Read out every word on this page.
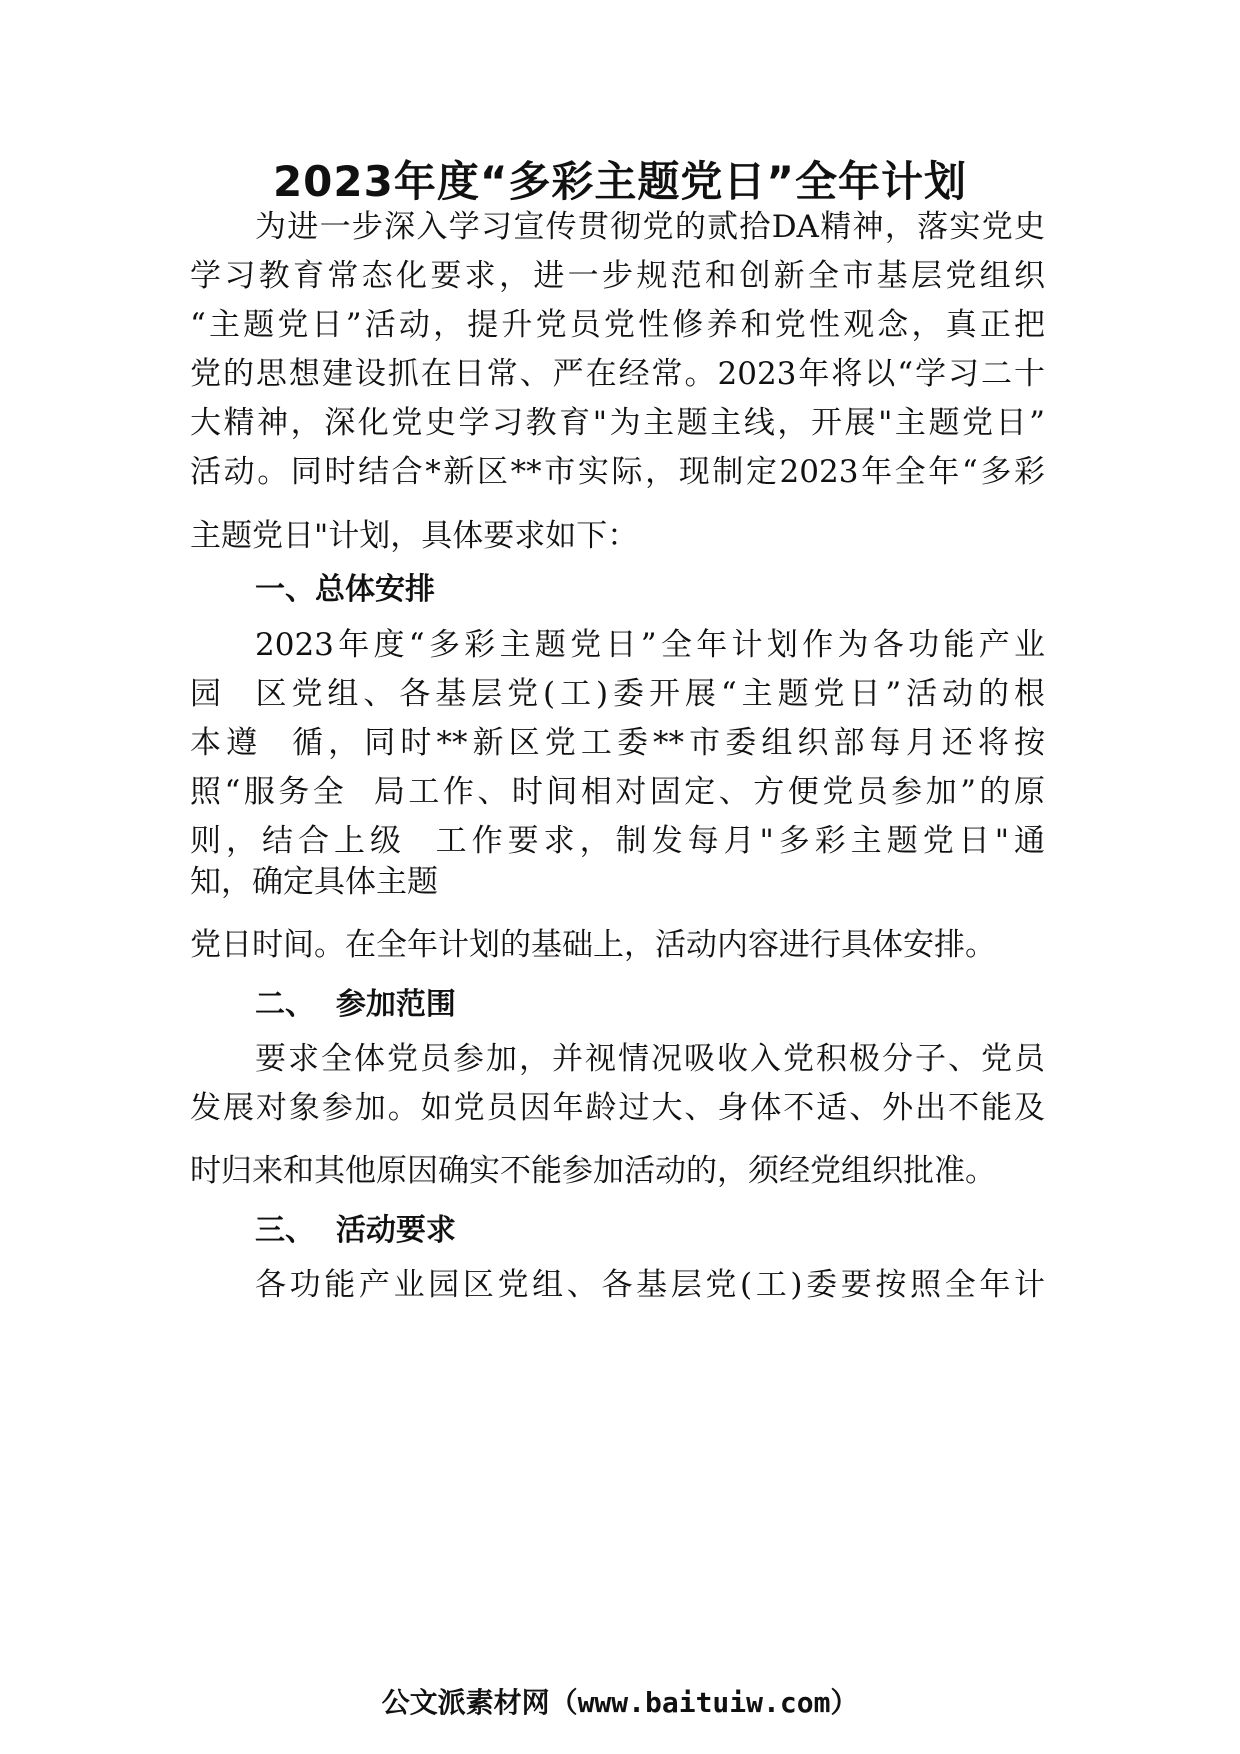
2023年度“多彩主题党日”全年计划
为进一步深入学习宣传贯彻党的贰拾DA精神，落实党史
学习教育常态化要求，进一步规范和创新全市基层党组织
“主题党日”活动，提升党员党性修养和党性观念，真正把
党的思想建设抓在日常、严在经常。2023年将以“学习二十
大精神，深化党史学习教育"为主题主线，开展"主题党日”
活动。同时结合*新区**市实际，现制定2023年全年“多彩
主题党日"计划，具体要求如下：
一、总体安排
2023年度“多彩主题党日”全年计划作为各功能产业
园  区党组、各基层党(工)委开展“主题党日”活动的根
本遵  循，同时**新区党工委**市委组织部每月还将按
照“服务全  局工作、时间相对固定、方便党员参加”的原
则，结合上级  工作要求，制发每月"多彩主题党日"通
知，确定具体主题
党日时间。在全年计划的基础上，活动内容进行具体安排。
二、  参加范围
要求全体党员参加，并视情况吸收入党积极分子、党员
发展对象参加。如党员因年龄过大、身体不适、外出不能及
时归来和其他原因确实不能参加活动的，须经党组织批准。
三、  活动要求
各功能产业园区党组、各基层党(工)委要按照全年计
公文派素材网（www.baituiw.com）
